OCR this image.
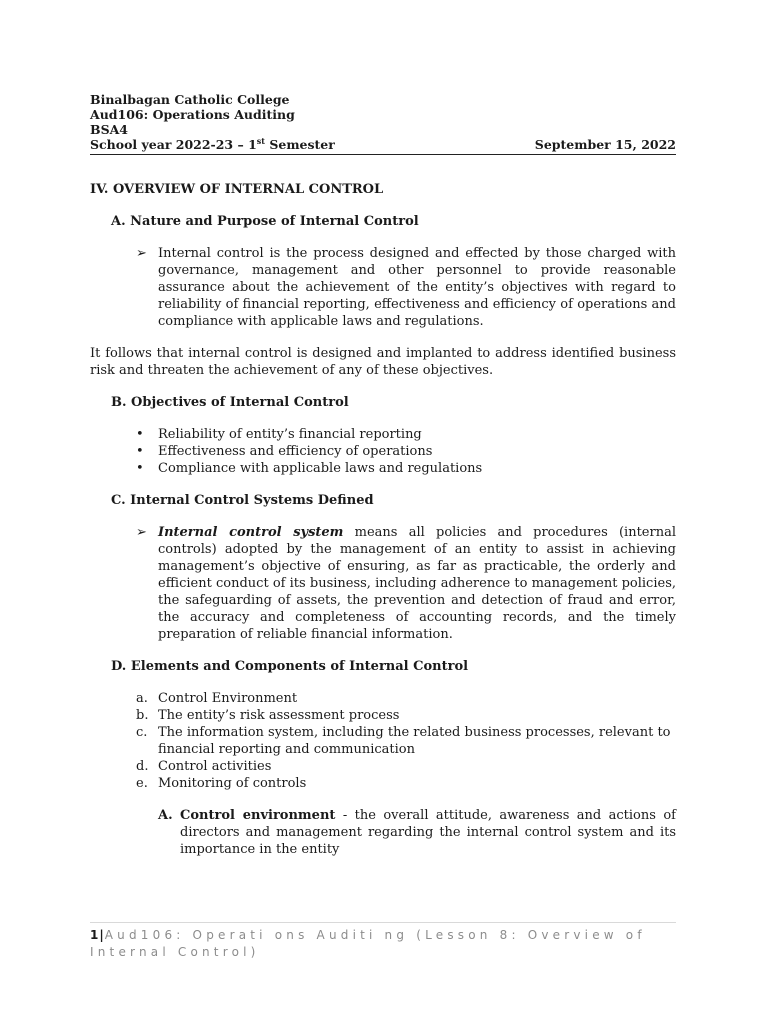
Binalbagan Catholic College
Aud106: Operations Auditing
BSA4
School year 2022-23 – 1st Semester	September 15, 2022
IV. OVERVIEW OF INTERNAL CONTROL
A. Nature and Purpose of Internal Control
➢ Internal control is the process designed and effected by those charged with governance, management and other personnel to provide reasonable assurance about the achievement of the entity’s objectives with regard to reliability of financial reporting, effectiveness and efficiency of operations and compliance with applicable laws and regulations.
It follows that internal control is designed and implanted to address identified business risk and threaten the achievement of any of these objectives.
B. Objectives of Internal Control
•	Reliability of entity’s financial reporting
•	Effectiveness and efficiency of operations
•	Compliance with applicable laws and regulations
C. Internal Control Systems Defined
➢ Internal control system means all policies and procedures (internal controls) adopted by the management of an entity to assist in achieving management’s objective of ensuring, as far as practicable, the orderly and efficient conduct of its business, including adherence to management policies, the safeguarding of assets, the prevention and detection of fraud and error, the accuracy and completeness of accounting records, and the timely preparation of reliable financial information.
D. Elements and Components of Internal Control
a. Control Environment
b. The entity’s risk assessment process
c. The information system, including the related business processes, relevant to financial reporting and communication
d. Control activities
e. Monitoring of controls
A. Control environment - the overall attitude, awareness and actions of directors and management regarding the internal control system and its importance in the entity
1|Aud106: Operati ons Auditi ng (Lesson 8: Overview of Internal Control)
